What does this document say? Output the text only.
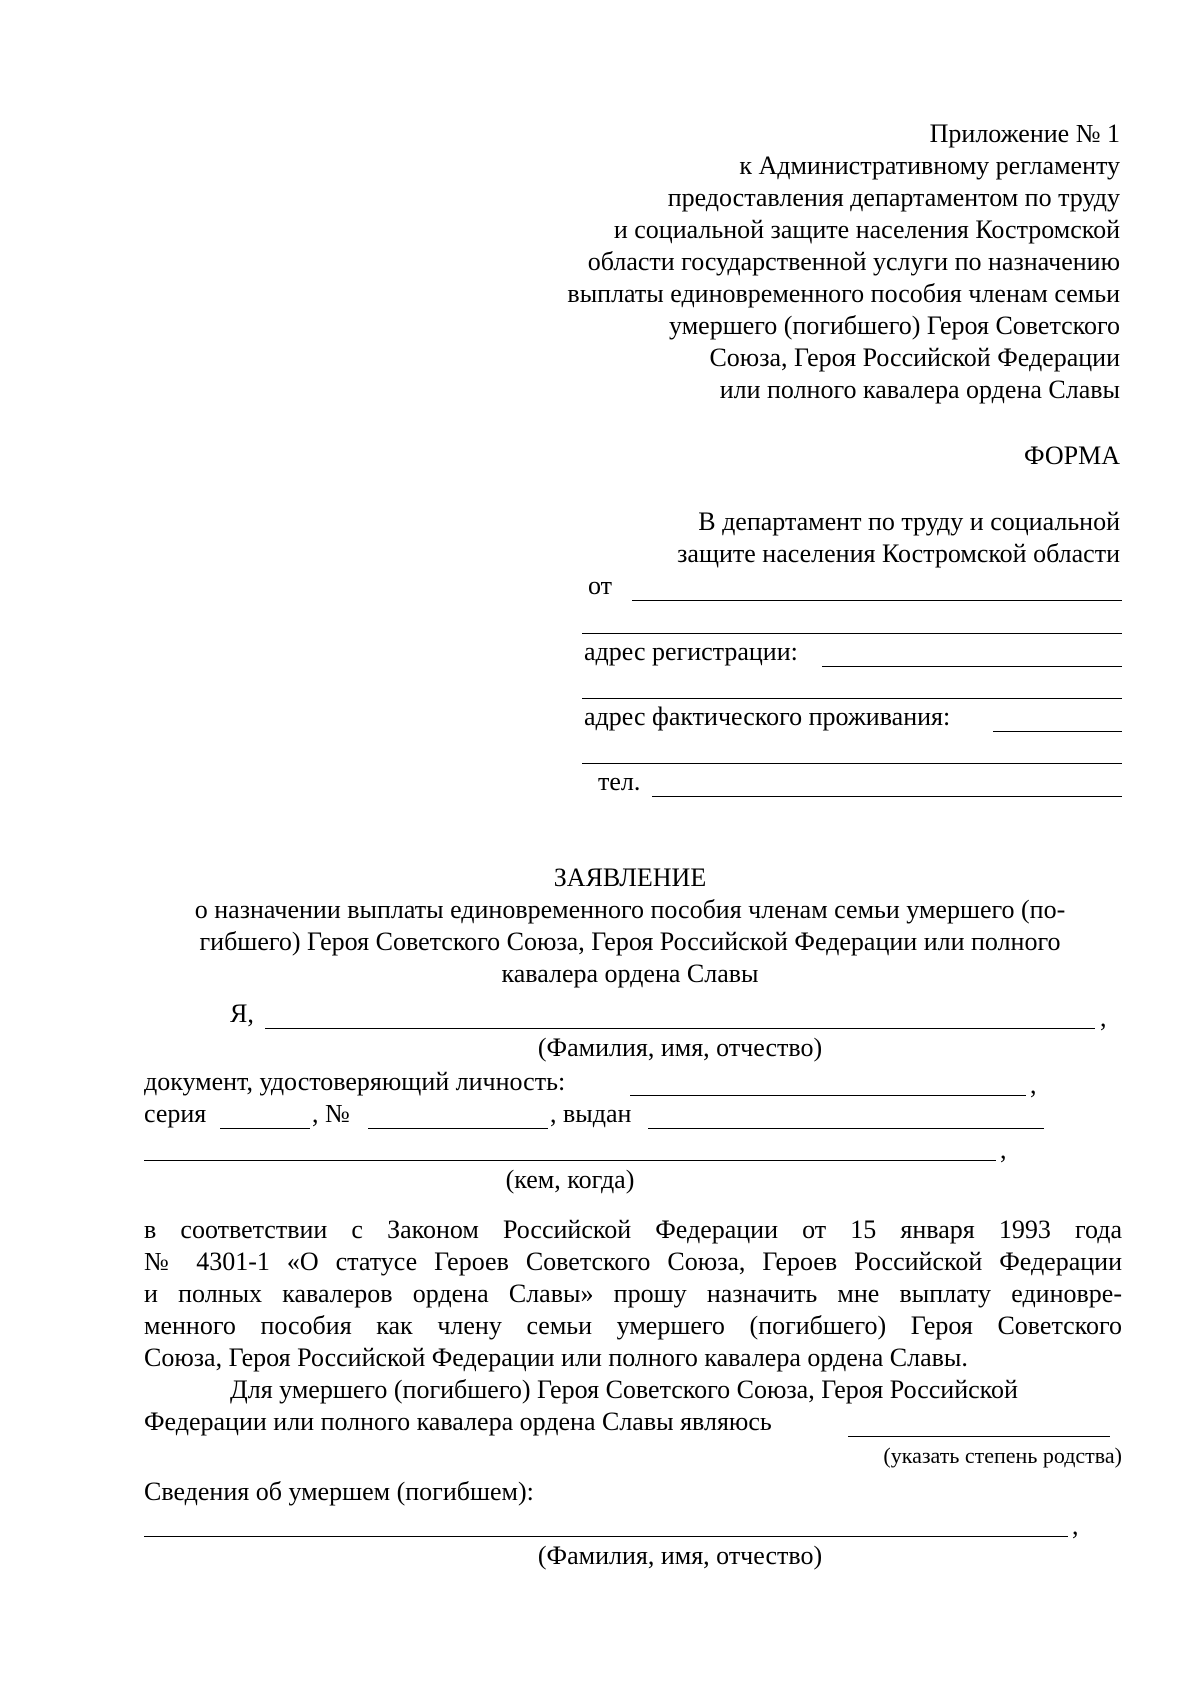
Приложение № 1
к Административному регламенту
предоставления департаментом по труду
и социальной защите населения Костромской
области государственной услуги по назначению
выплаты единовременного пособия членам семьи
умершего (погибшего) Героя Советского
Союза, Героя Российской Федерации
или полного кавалера ордена Славы
ФОРМА
В департамент по труду и социальной
защите населения Костромской области
от
адрес регистрации:
адрес фактического проживания:
тел.
ЗАЯВЛЕНИЕ
о назначении выплаты единовременного пособия членам семьи умершего (по-
гибшего) Героя Советского Союза, Героя Российской Федерации или полного
кавалера ордена Славы
Я,	,
(Фамилия, имя, отчество)
документ, удостоверяющий личность:	,
серия	, №	, выдан
,
(кем, когда)
в соответствии с Законом Российской Федерации от 15 января 1993 года
№ 4301-1 «О статусе Героев Советского Союза, Героев Российской Федерации
и полных кавалеров ордена Славы» прошу назначить мне выплату единовре-
менного пособия как члену семьи умершего (погибшего) Героя Советского
Союза, Героя Российской Федерации или полного кавалера ордена Славы.
Для умершего (погибшего) Героя Советского Союза, Героя Российской
Федерации или полного кавалера ордена Славы являюсь
(указать степень родства)
Сведения об умершем (погибшем):
,
(Фамилия, имя, отчество)
